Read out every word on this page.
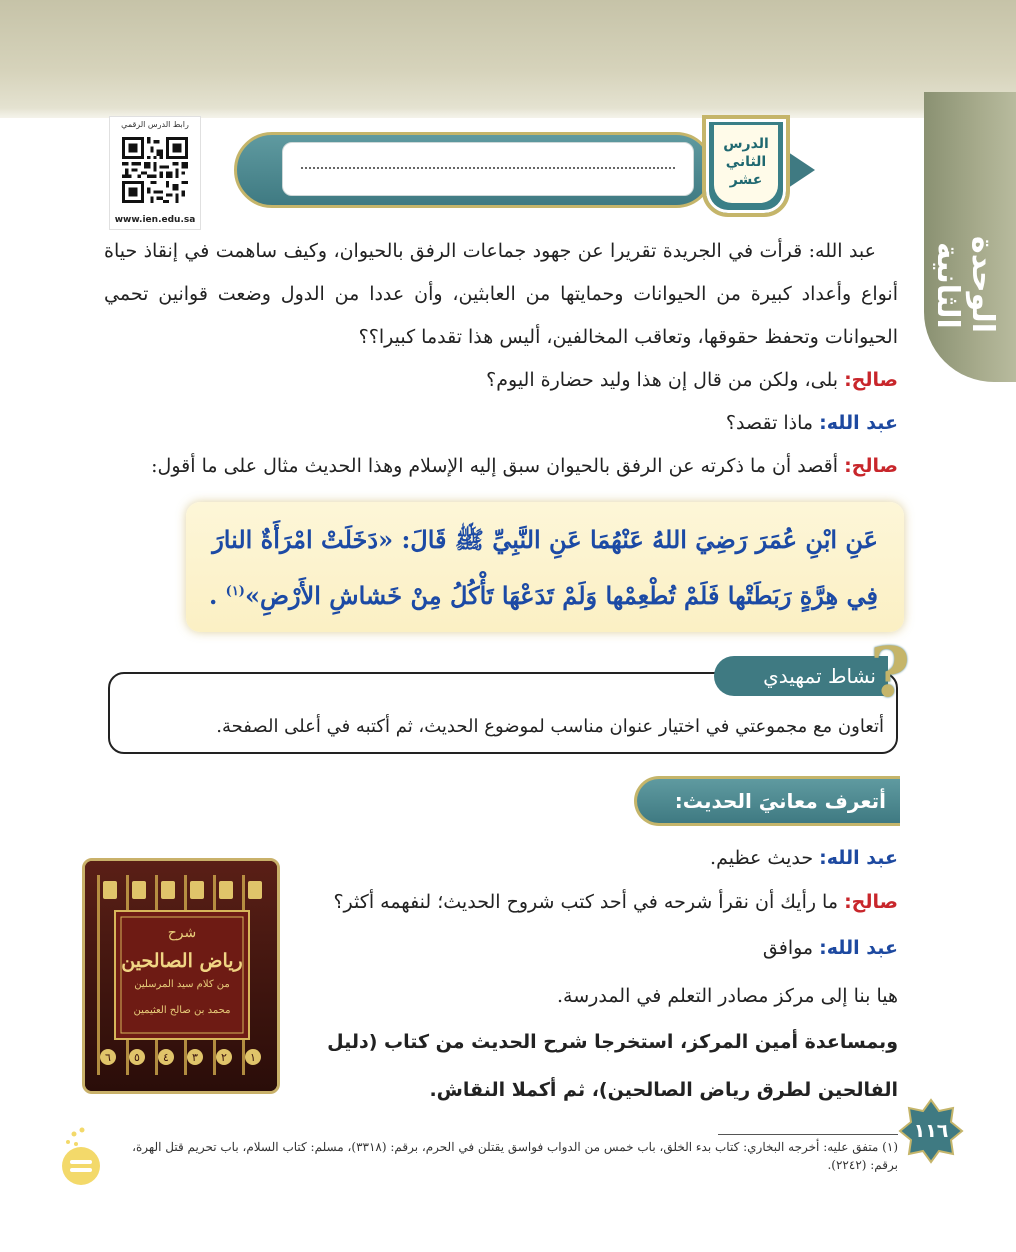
الوحدة الثانية
رابط الدرس الرقمي
www.ien.edu.sa
الدرس
الثاني
عشر
عبد الله: قرأت في الجريدة تقريرا عن جهود جماعات الرفق بالحيوان، وكيف ساهمت في إنقاذ حياة أنواع وأعداد كبيرة من الحيوانات وحمايتها من العابثين، وأن عددا من الدول وضعت قوانين تحمي الحيوانات وتحفظ حقوقها، وتعاقب المخالفين، أليس هذا تقدما كبيرا؟؟
صالح: بلى، ولكن من قال إن هذا وليد حضارة اليوم؟
عبد الله: ماذا تقصد؟
صالح: أقصد أن ما ذكرته عن الرفق بالحيوان سبق إليه الإسلام وهذا الحديث مثال على ما أقول:
عَنِ ابْنِ عُمَرَ رَضِيَ اللهُ عَنْهُمَا عَنِ النَّبِيِّ ﷺ قَالَ: «دَخَلَتْ امْرَأَةٌ النارَ فِي هِرَّةٍ رَبَطَتْها فَلَمْ تُطْعِمْها وَلَمْ تَدَعْهَا تَأْكُلُ مِنْ خَشاشِ الأَرْضِ»$^{(١)}$ .
نشاط تمهيدي
?
أتعاون مع مجموعتي في اختيار عنوان مناسب لموضوع الحديث، ثم أكتبه في أعلى الصفحة.
أتعرف معانيَ الحديث:
شرح
رياض الصالحين
من كلام سيد المرسلين
محمد بن صالح العثيمين
٦ ٥ ٤ ٣ ٢ ١
عبد الله: حديث عظيم.
صالح: ما رأيك أن نقرأ شرحه في أحد كتب شروح الحديث؛ لنفهمه أكثر؟
عبد الله: موافق
هيا بنا إلى مركز مصادر التعلم في المدرسة.
وبمساعدة أمين المركز، استخرجا شرح الحديث من كتاب (دليل
الفالحين لطرق رياض الصالحين)، ثم أكملا النقاش.
١١٦
(١) متفق عليه: أخرجه البخاري: كتاب بدء الخلق، باب خمس من الدواب فواسق يقتلن في الحرم، برقم: (٣٣١٨)، مسلم: كتاب السلام، باب تحريم قتل الهرة، برقم: (٢٢٤٢).
